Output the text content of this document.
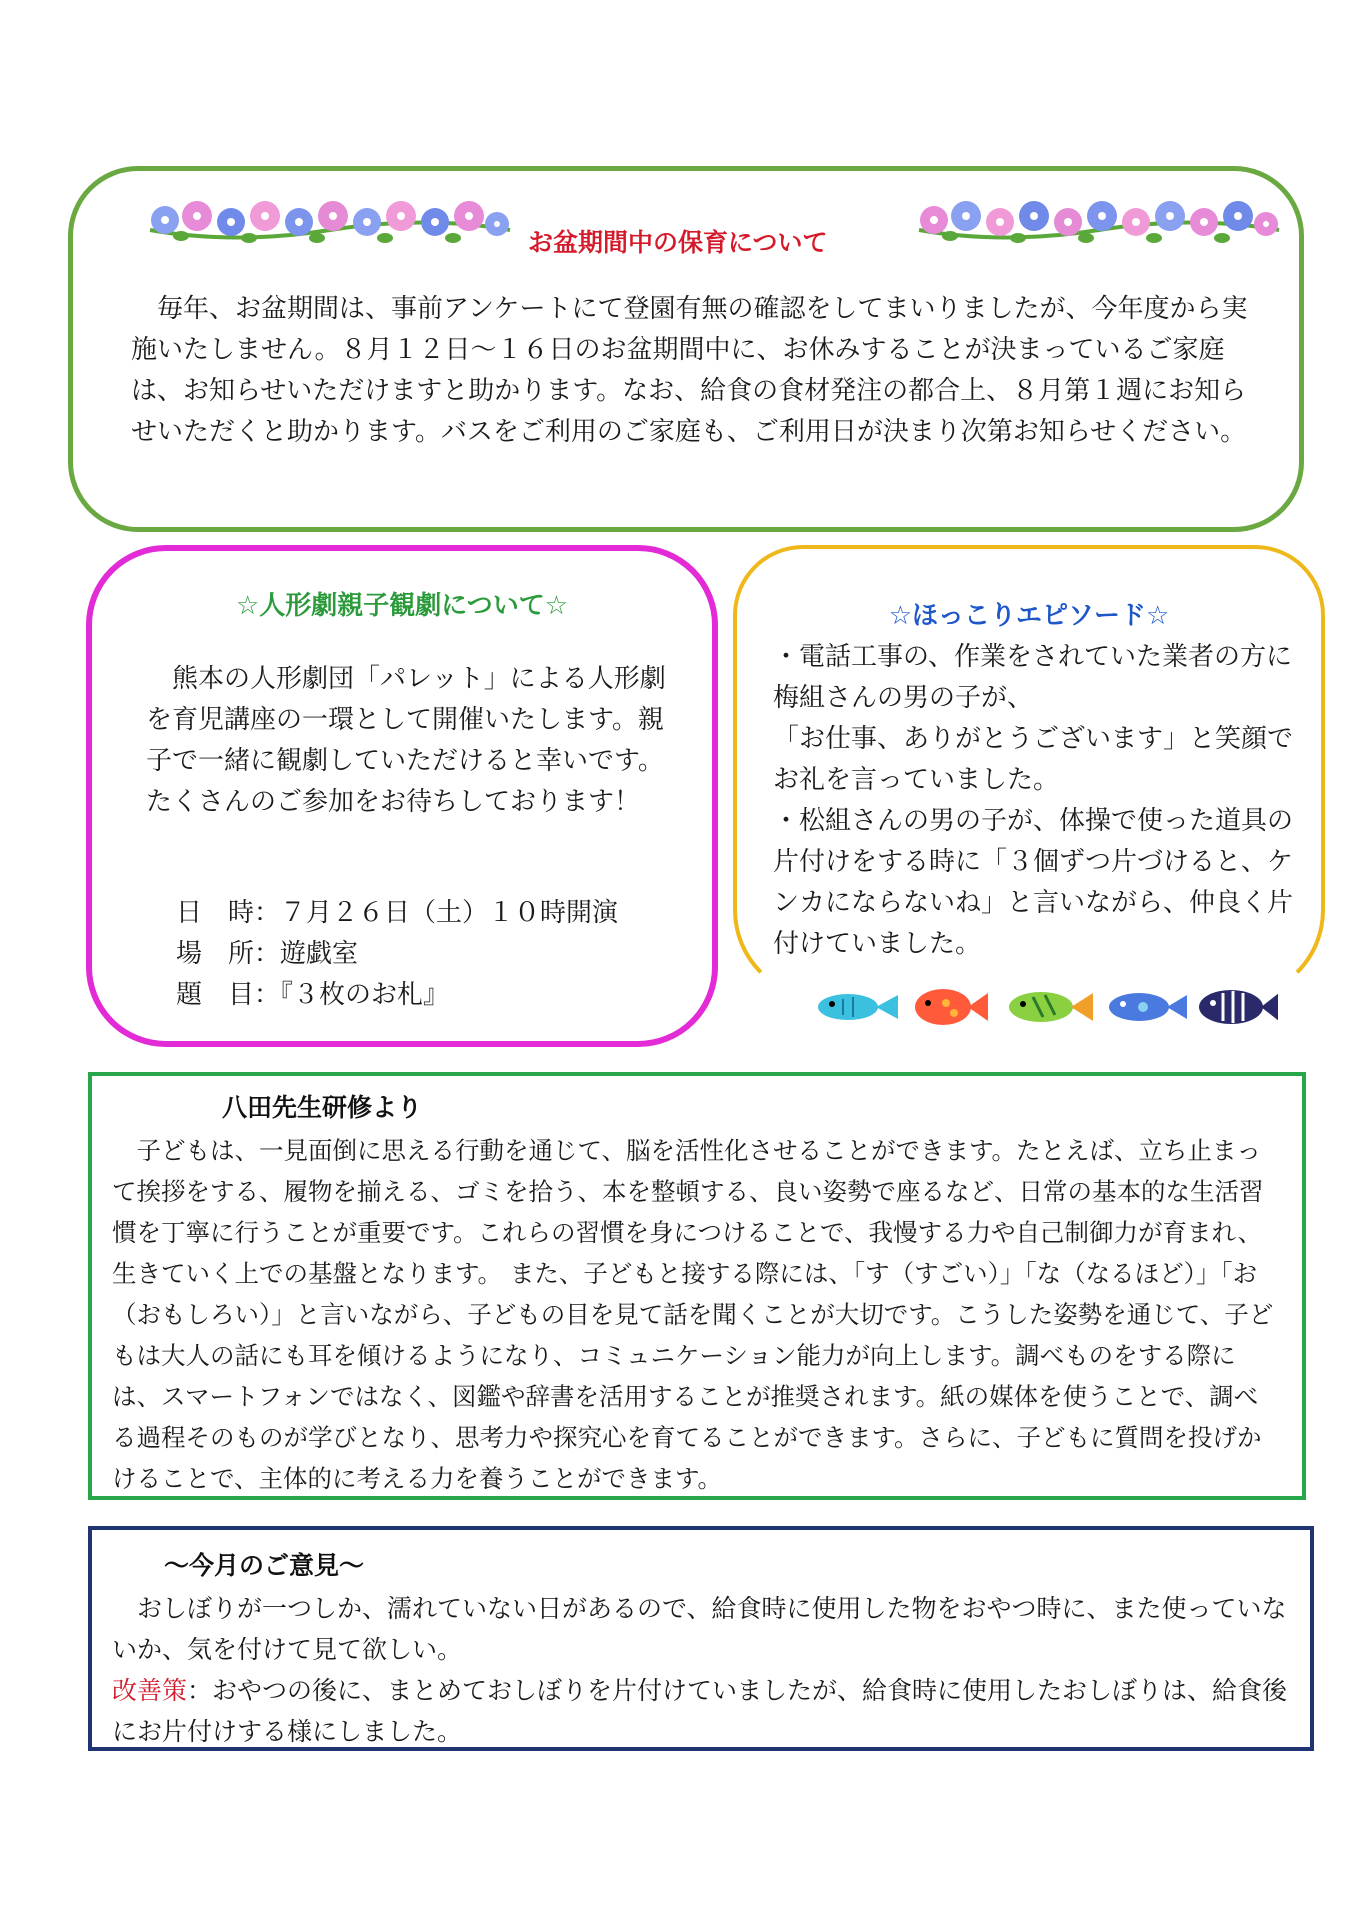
お盆期間中の保育について

　毎年、お盆期間は、事前アンケートにて登園有無の確認をしてまいりましたが、今年度から実施いたしません。８月１２日～１６日のお盆期間中に、お休みすることが決まっているご家庭は、お知らせいただけますと助かります。なお、給食の食材発注の都合上、８月第１週にお知らせいただくと助かります。バスをご利用のご家庭も、ご利用日が決まり次第お知らせください。

☆人形劇親子観劇について☆

　熊本の人形劇団「パレット」による人形劇を育児講座の一環として開催いたします。親子で一緒に観劇していただけると幸いです。たくさんのご参加をお待ちしております！

日　時：７月２６日（土）１０時開演
場　所：遊戯室
題　目：『３枚のお札』
☆ほっこりエピソード☆
・電話工事の、作業をされていた業者の方に梅組さんの男の子が、
「お仕事、ありがとうございます」と笑顔でお礼を言っていました。
・松組さんの男の子が、体操で使った道具の片付けをする時に「３個ずつ片づけると、ケンカにならないね」と言いながら、仲良く片付けていました。
八田先生研修より

　子どもは、一見面倒に思える行動を通じて、脳を活性化させることができます。たとえば、立ち止まって挨拶をする、履物を揃える、ゴミを拾う、本を整頓する、良い姿勢で座るなど、日常の基本的な生活習慣を丁寧に行うことが重要です。これらの習慣を身につけることで、我慢する力や自己制御力が育まれ、生きていく上での基盤となります。 また、子どもと接する際には、「す（すごい）」「な（なるほど）」「お（おもしろい）」と言いながら、子どもの目を見て話を聞くことが大切です。こうした姿勢を通じて、子どもは大人の話にも耳を傾けるようになり、コミュニケーション能力が向上します。調べものをする際には、スマートフォンではなく、図鑑や辞書を活用することが推奨されます。紙の媒体を使うことで、調べる過程そのものが学びとなり、思考力や探究心を育てることができます。さらに、子どもに質問を投げかけることで、主体的に考える力を養うことができます。

～今月のご意見～
　おしぼりが一つしか、濡れていない日があるので、給食時に使用した物をおやつ時に、また使っていないか、気を付けて見て欲しい。
改善策：おやつの後に、まとめておしぼりを片付けていましたが、給食時に使用したおしぼりは、給食後にお片付けする様にしました。
